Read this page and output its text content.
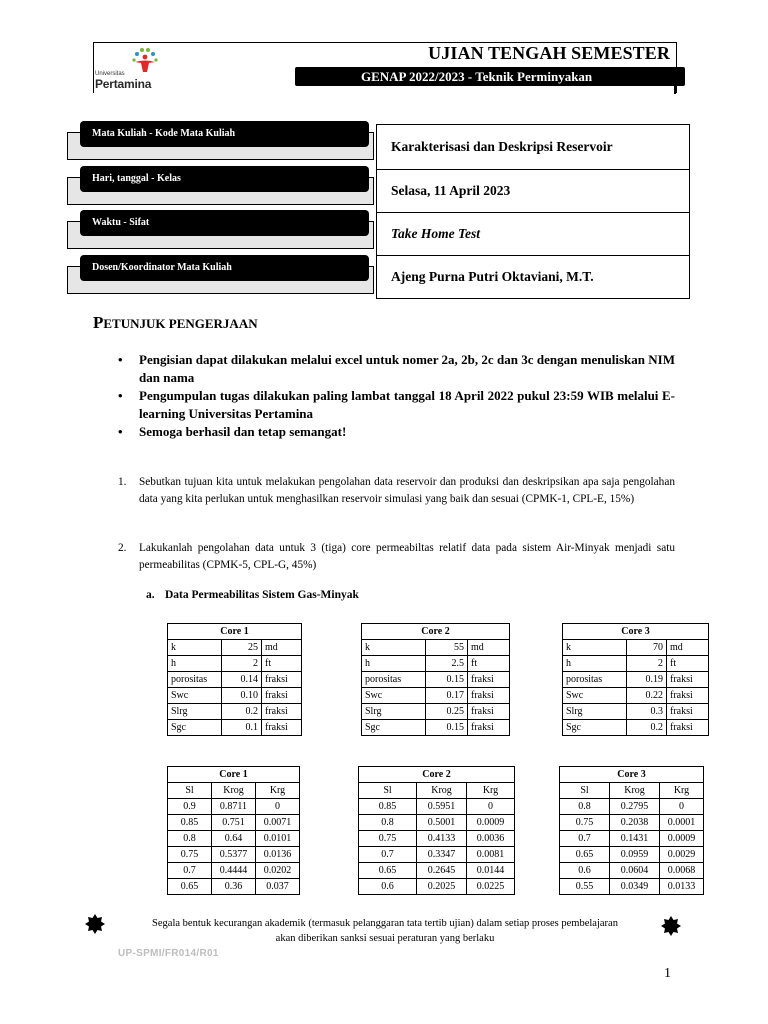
Universitas
Pertamina
UJIAN TENGAH SEMESTER
GENAP 2022/2023 - Teknik Perminyakan
Mata Kuliah - Kode Mata Kuliah
Hari, tanggal - Kelas
Waktu - Sifat
Dosen/Koordinator Mata Kuliah
Karakterisasi dan Deskripsi Reservoir
Selasa, 11 April 2023
Take Home Test
Ajeng Purna Putri Oktaviani, M.T.
PETUNJUK PENGERJAAN
• Pengisian dapat dilakukan melalui excel untuk nomer 2a, 2b, 2c dan 3c dengan menuliskan NIM dan nama
• Pengumpulan tugas dilakukan paling lambat tanggal 18 April 2022 pukul 23:59 WIB melalui E-learning Universitas Pertamina
• Semoga berhasil dan tetap semangat!
1. Sebutkan tujuan kita untuk melakukan pengolahan data reservoir dan produksi dan deskripsikan apa saja pengolahan data yang kita perlukan untuk menghasilkan reservoir simulasi yang baik dan sesuai (CPMK-1, CPL-E, 15%)
2. Lakukanlah pengolahan data untuk 3 (tiga) core permeabiltas relatif data pada sistem Air-Minyak menjadi satu permeabilitas (CPMK-5, CPL-G, 45%)
a. Data Permeabilitas Sistem Gas-Minyak
Core 1		
k	25	md
h	2	ft
porositas	0.14	fraksi
Swc	0.10	fraksi
Slrg	0.2	fraksi
Sgc	0.1	fraksi
Core 2		
k	55	md
h	2.5	ft
porositas	0.15	fraksi
Swc	0.17	fraksi
Slrg	0.25	fraksi
Sgc	0.15	fraksi
Core 3		
k	70	md
h	2	ft
porositas	0.19	fraksi
Swc	0.22	fraksi
Slrg	0.3	fraksi
Sgc	0.2	fraksi
Core 1		
Sl	Krog	Krg
0.9	0.8711	0
0.85	0.751	0.0071
0.8	0.64	0.0101
0.75	0.5377	0.0136
0.7	0.4444	0.0202
0.65	0.36	0.037
Core 2		
Sl	Krog	Krg
0.85	0.5951	0
0.8	0.5001	0.0009
0.75	0.4133	0.0036
0.7	0.3347	0.0081
0.65	0.2645	0.0144
0.6	0.2025	0.0225
Core 3		
Sl	Krog	Krg
0.8	0.2795	0
0.75	0.2038	0.0001
0.7	0.1431	0.0009
0.65	0.0959	0.0029
0.6	0.0604	0.0068
0.55	0.0349	0.0133
Segala bentuk kecurangan akademik (termasuk pelanggaran tata tertib ujian) dalam setiap proses pembelajaran
akan diberikan sanksi sesuai peraturan yang berlaku
UP-SPMI/FR014/R01
1
